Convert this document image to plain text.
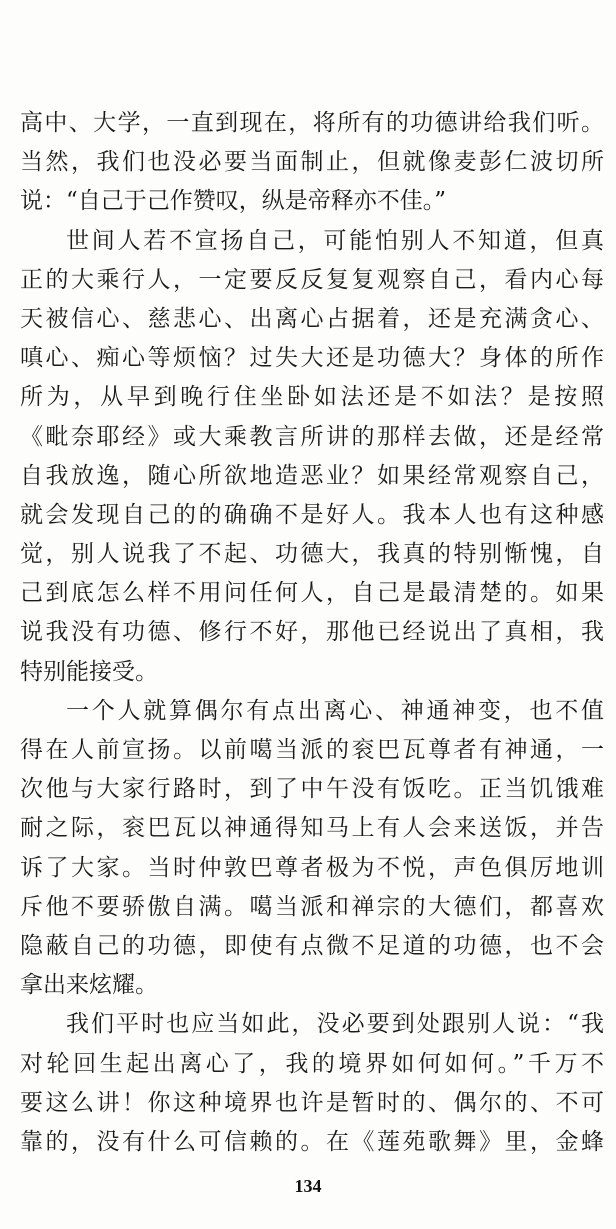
高中、大学，一直到现在，将所有的功德讲给我们听。
当然，我们也没必要当面制止，但就像麦彭仁波切所
说：“自己于己作赞叹，纵是帝释亦不佳。”
世间人若不宣扬自己，可能怕别人不知道，但真
正的大乘行人，一定要反反复复观察自己，看内心每
天被信心、慈悲心、出离心占据着，还是充满贪心、
嗔心、痴心等烦恼？过失大还是功德大？身体的所作
所为，从早到晚行住坐卧如法还是不如法？是按照
《毗奈耶经》或大乘教言所讲的那样去做，还是经常
自我放逸，随心所欲地造恶业？如果经常观察自己，
就会发现自己的的确确不是好人。我本人也有这种感
觉，别人说我了不起、功德大，我真的特别惭愧，自
己到底怎么样不用问任何人，自己是最清楚的。如果
说我没有功德、修行不好，那他已经说出了真相，我
特别能接受。
一个人就算偶尔有点出离心、神通神变，也不值
得在人前宣扬。以前噶当派的衮巴瓦尊者有神通，一
次他与大家行路时，到了中午没有饭吃。正当饥饿难
耐之际，衮巴瓦以神通得知马上有人会来送饭，并告
诉了大家。当时仲敦巴尊者极为不悦，声色俱厉地训
斥他不要骄傲自满。噶当派和禅宗的大德们，都喜欢
隐蔽自己的功德，即使有点微不足道的功德，也不会
拿出来炫耀。
我们平时也应当如此，没必要到处跟别人说：“我
对轮回生起出离心了，我的境界如何如何。”千万不
要这么讲！你这种境界也许是暂时的、偶尔的、不可
靠的，没有什么可信赖的。在《莲苑歌舞》里，金蜂
134
